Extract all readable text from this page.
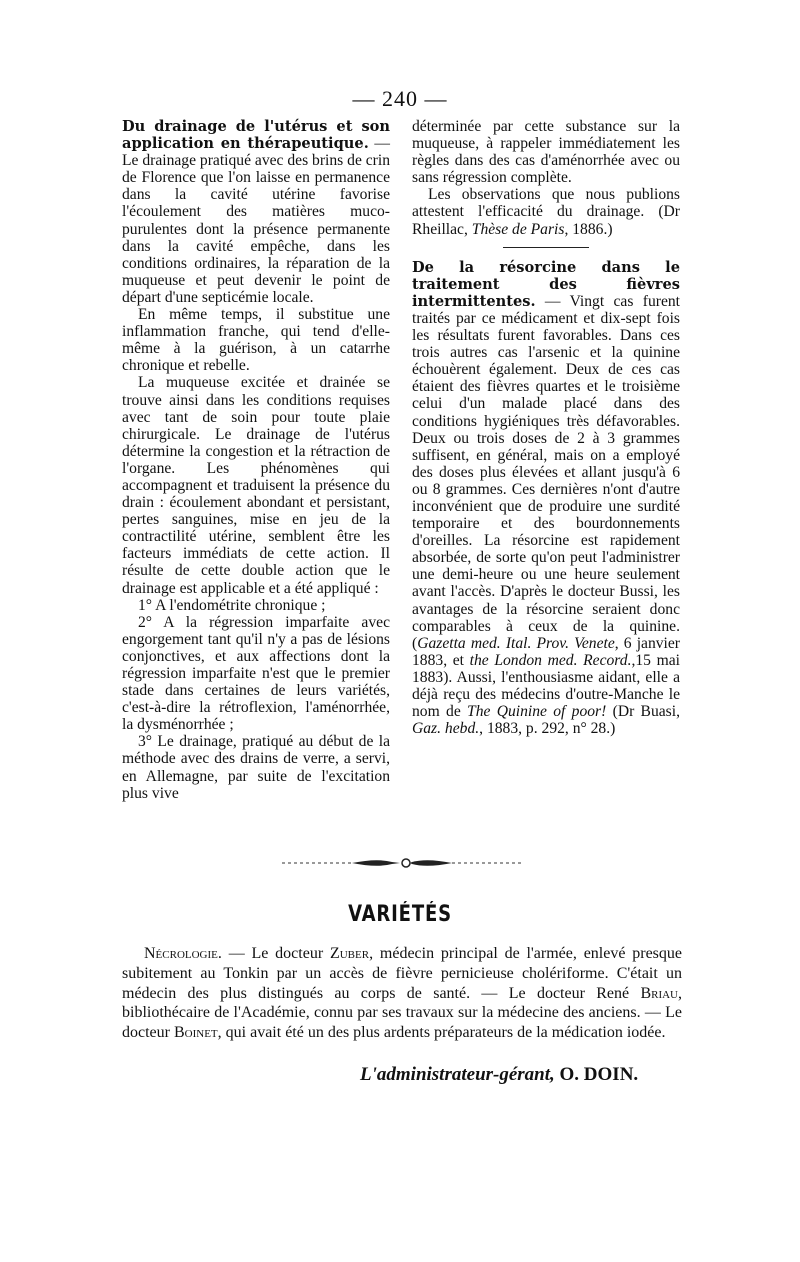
— 240 —

Du drainage de l'utérus et son application en thérapeutique. — Le drainage pratiqué avec des brins de crin de Florence que l'on laisse en permanence dans la cavité utérine favorise l'écoulement des matières muco-purulentes dont la présence permanente dans la cavité empêche, dans les conditions ordinaires, la réparation de la muqueuse et peut devenir le point de départ d'une septicémie locale.

En même temps, il substitue une inflammation franche, qui tend d'elle-même à la guérison, à un catarrhe chronique et rebelle.

La muqueuse excitée et drainée se trouve ainsi dans les conditions requises avec tant de soin pour toute plaie chirurgicale. Le drainage de l'utérus détermine la congestion et la rétraction de l'organe. Les phénomènes qui accompagnent et traduisent la présence du drain : écoulement abondant et persistant, pertes sanguines, mise en jeu de la contractilité utérine, semblent être les facteurs immédiats de cette action. Il résulte de cette double action que le drainage est applicable et a été appliqué :

1° A l'endométrite chronique ;

2° A la régression imparfaite avec engorgement tant qu'il n'y a pas de lésions conjonctives, et aux affections dont la régression imparfaite n'est que le premier stade dans certaines de leurs variétés, c'est-à-dire la rétroflexion, l'aménorrhée, la dysménorrhée ;

3° Le drainage, pratiqué au début de la méthode avec des drains de verre, a servi, en Allemagne, par suite de l'excitation plus vive

déterminée par cette substance sur la muqueuse, à rappeler immédiatement les règles dans des cas d'aménorrhée avec ou sans régression complète.

Les observations que nous publions attestent l'efficacité du drainage. (Dr Rheillac, Thèse de Paris, 1886.)

De la résorcine dans le traitement des fièvres intermittentes. — Vingt cas furent traités par ce médicament et dix-sept fois les résultats furent favorables. Dans ces trois autres cas l'arsenic et la quinine échouèrent également. Deux de ces cas étaient des fièvres quartes et le troisième celui d'un malade placé dans des conditions hygiéniques très défavorables. Deux ou trois doses de 2 à 3 grammes suffisent, en général, mais on a employé des doses plus élevées et allant jusqu'à 6 ou 8 grammes. Ces dernières n'ont d'autre inconvénient que de produire une surdité temporaire et des bourdonnements d'oreilles. La résorcine est rapidement absorbée, de sorte qu'on peut l'administrer une demi-heure ou une heure seulement avant l'accès. D'après le docteur Bussi, les avantages de la résorcine seraient donc comparables à ceux de la quinine. (Gazetta med. Ital. Prov. Venete, 6 janvier 1883, et the London med. Record.,15 mai 1883). Aussi, l'enthousiasme aidant, elle a déjà reçu des médecins d'outre-Manche le nom de The Quinine of poor! (Dr Buasi, Gaz. hebd., 1883, p. 292, n° 28.)

VARIÉTÉS

Nécrologie. — Le docteur Zuber, médecin principal de l'armée, enlevé presque subitement au Tonkin par un accès de fièvre pernicieuse cholériforme. C'était un médecin des plus distingués au corps de santé. — Le docteur René Briau, bibliothécaire de l'Académie, connu par ses travaux sur la médecine des anciens. — Le docteur Boinet, qui avait été un des plus ardents préparateurs de la médication iodée.

L'administrateur-gérant, O. DOIN.
